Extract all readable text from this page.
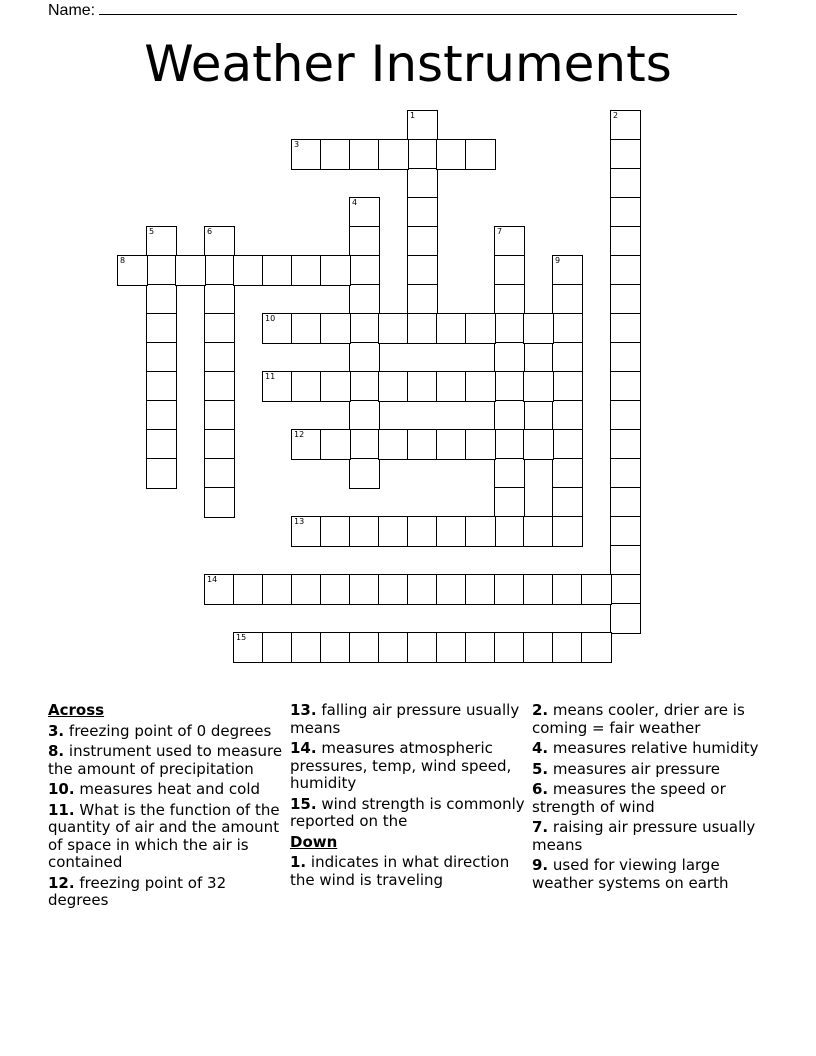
Name:
Weather Instruments
1	2
3
4
5	6	7
8	9
10
11
12
13
14
15
Across
3. freezing point of 0 degrees
8. instrument used to measure the amount of precipitation
10. measures heat and cold
11. What is the function of the quantity of air and the amount of space in which the air is contained
12. freezing point of 32 degrees
13. falling air pressure usually means
14. measures atmospheric pressures, temp, wind speed, humidity
15. wind strength is commonly reported on the
Down
1. indicates in what direction the wind is traveling
2. means cooler, drier are is coming = fair weather
4. measures relative humidity
5. measures air pressure
6. measures the speed or strength of wind
7. raising air pressure usually means
9. used for viewing large weather systems on earth
